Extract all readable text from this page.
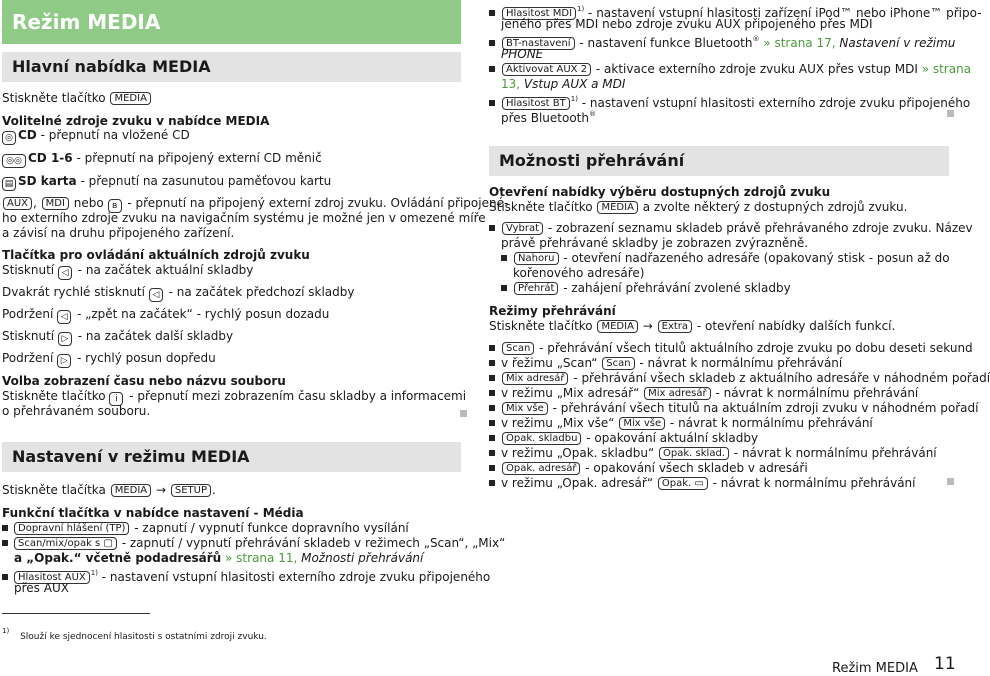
Režim MEDIA
Hlavní nabídka MEDIA
Stiskněte tlačítko MEDIA
Volitelné zdroje zvuku v nabídce MEDIA
◎ CD - přepnutí na vložené CD
◎◎ CD 1-6 - přepnutí na připojený externí CD měnič
▤ SD karta - přepnutí na zasunutou paměťovou kartu
AUX , MDI nebo ʙ - přepnutí na připojený externí zdroj zvuku. Ovládání připojené-
ho externího zdroje zvuku na navigačním systému je možné jen v omezené míře
a závisí na druhu připojeného zařízení.
Tlačítka pro ovládání aktuálních zdrojů zvuku
Stisknutí ◁ - na začátek aktuální skladby
Dvakrát rychlé stisknutí ◁ - na začátek předchozí skladby
Podržení ◁ - „zpět na začátek“ - rychlý posun dozadu
Stisknutí ▷ - na začátek další skladby
Podržení ▷ - rychlý posun dopředu
Volba zobrazení času nebo názvu souboru
Stiskněte tlačítko i - přepnutí mezi zobrazením času skladby a informacemi
o přehrávaném souboru.
Nastavení v režimu MEDIA
Stiskněte tlačítka MEDIA → SETUP .
Funkční tlačítka v nabídce nastavení - Média
Dopravní hlášení (TP) - zapnutí / vypnutí funkce dopravního vysílání
Scan/mix/opak s ▢ - zapnutí / vypnutí přehrávání skladeb v režimech „Scan“, „Mix“
a „Opak.“ včetně podadresářů » strana 11, Možnosti přehrávání
Hlasitost AUX $^{1)}$ - nastavení vstupní hlasitosti externího zdroje zvuku připojeného
přes AUX
$^{1)}$ Slouží ke sjednocení hlasitosti s ostatními zdroji zvuku.
Hlasitost MDI $^{1)}$ - nastavení vstupní hlasitosti zařízení iPod™ nebo iPhone™ připo-
jeného přes MDI nebo zdroje zvuku AUX připojeného přes MDI
BT-nastavení - nastavení funkce Bluetooth® » strana 17, Nastavení v režimu
PHONE
Aktivovat AUX 2 - aktivace externího zdroje zvuku AUX přes vstup MDI » strana
13, Vstup AUX a MDI
Hlasitost BT $^{1)}$ - nastavení vstupní hlasitosti externího zdroje zvuku připojeného
přes Bluetooth®
Možnosti přehrávání
Otevření nabídky výběru dostupných zdrojů zvuku
Stiskněte tlačítko MEDIA a zvolte některý z dostupných zdrojů zvuku.
Vybrat - zobrazení seznamu skladeb právě přehrávaného zdroje zvuku. Název
právě přehrávané skladby je zobrazen zvýrazněně.
Nahoru - otevření nadřazeného adresáře (opakovaný stisk - posun až do
kořenového adresáře)
Přehrát - zahájení přehrávání zvolené skladby
Režimy přehrávání
Stiskněte tlačítko MEDIA → Extra - otevření nabídky dalších funkcí.
Scan - přehrávání všech titulů aktuálního zdroje zvuku po dobu deseti sekund
v řežimu „Scan“ Scan - návrat k normálnímu přehrávání
Mix adresář - přehrávání všech skladeb z aktuálního adresáře v náhodném pořadí
v režimu „Mix adresář“ Mix adresář - návrat k normálnímu přehrávání
Mix vše - přehrávání všech titulů na aktuálním zdroji zvuku v náhodném pořadí
v režimu „Mix vše“ Mix vše - návrat k normálnímu přehrávání
Opak. skladbu - opakování aktuální skladby
v režimu „Opak. skladbu“ Opak. sklad. - návrat k normálnímu přehrávání
Opak. adresář - opakování všech skladeb v adresáři
v režimu „Opak. adresář“ Opak. ▭ - návrat k normálnímu přehrávání
Režim MEDIA 11
